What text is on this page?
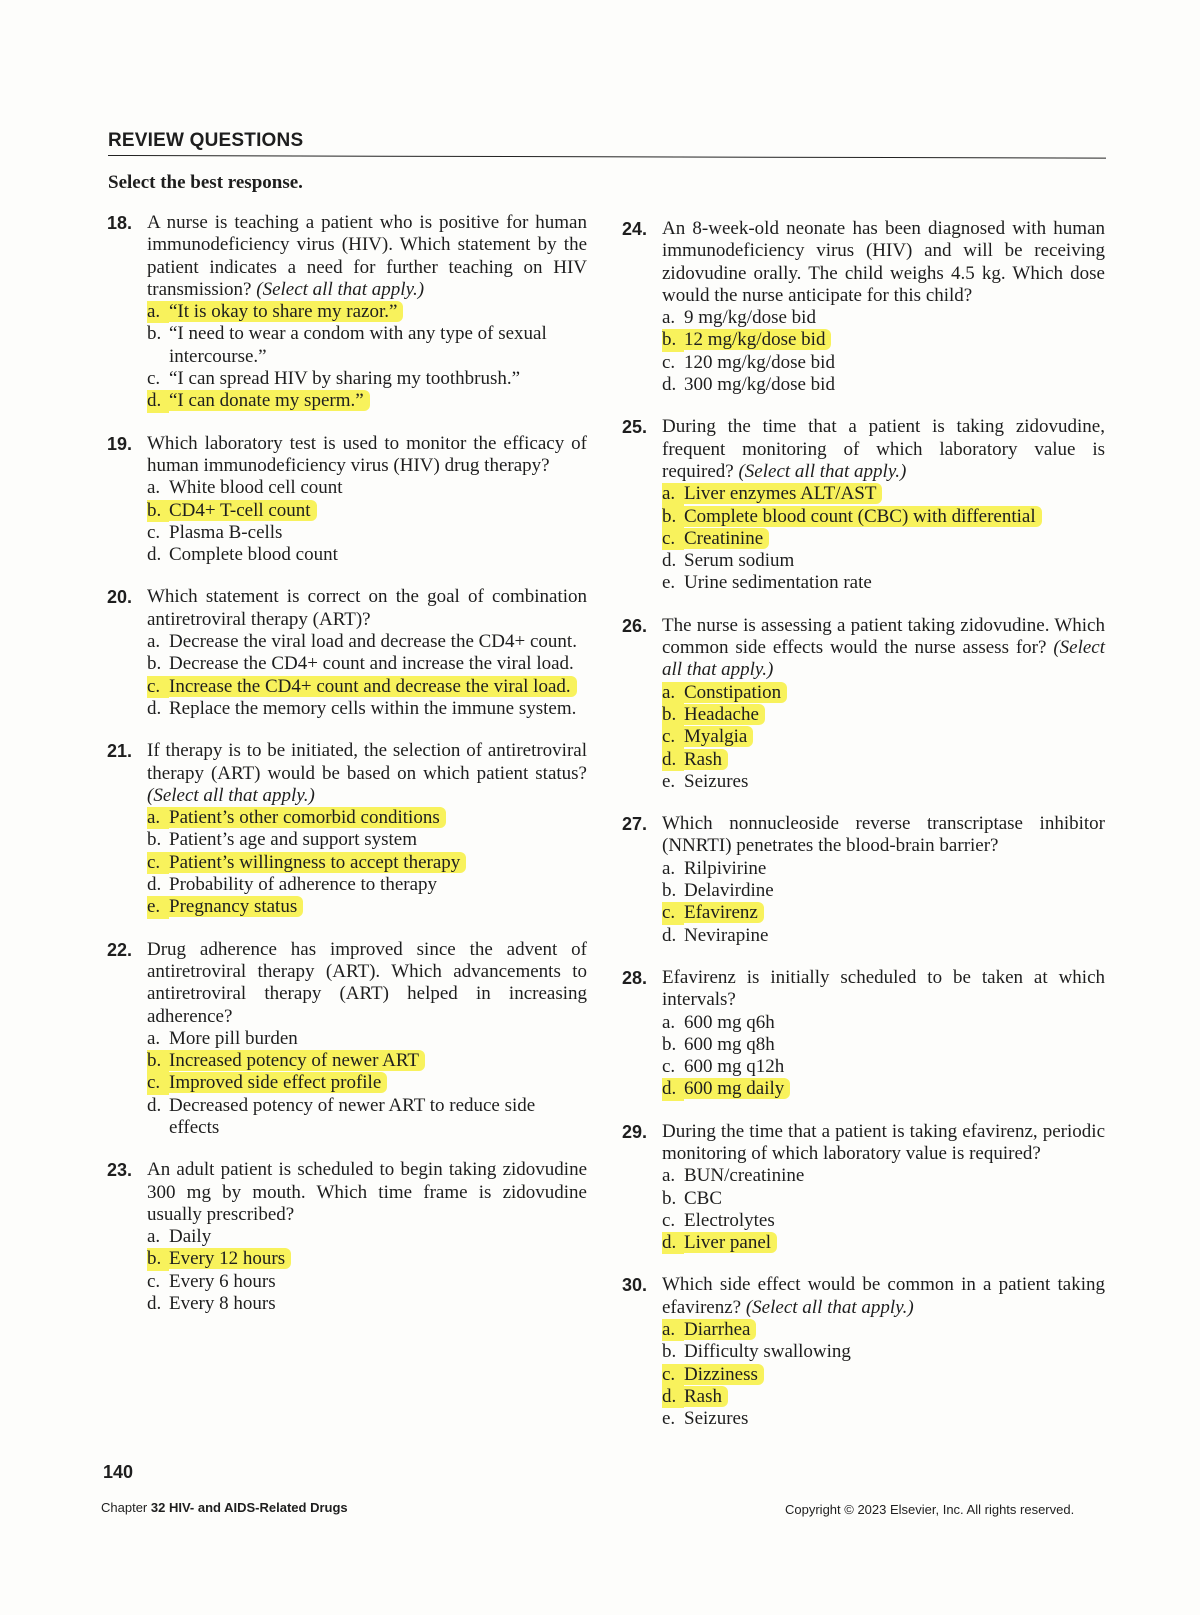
REVIEW QUESTIONS
Select the best response.
18. A nurse is teaching a patient who is positive for human immunodeficiency virus (HIV). Which statement by the patient indicates a need for further teaching on HIV transmission? (Select all that apply.)
a. “It is okay to share my razor.”
b. “I need to wear a condom with any type of sexual intercourse.”
c. “I can spread HIV by sharing my toothbrush.”
d. “I can donate my sperm.”
19. Which laboratory test is used to monitor the efficacy of human immunodeficiency virus (HIV) drug therapy?
a. White blood cell count
b. CD4+ T-cell count
c. Plasma B-cells
d. Complete blood count
20. Which statement is correct on the goal of combination antiretroviral therapy (ART)?
a. Decrease the viral load and decrease the CD4+ count.
b. Decrease the CD4+ count and increase the viral load.
c. Increase the CD4+ count and decrease the viral load.
d. Replace the memory cells within the immune system.
21. If therapy is to be initiated, the selection of antiretroviral therapy (ART) would be based on which patient status? (Select all that apply.)
a. Patient’s other comorbid conditions
b. Patient’s age and support system
c. Patient’s willingness to accept therapy
d. Probability of adherence to therapy
e. Pregnancy status
22. Drug adherence has improved since the advent of antiretroviral therapy (ART). Which advancements to antiretroviral therapy (ART) helped in increasing adherence?
a. More pill burden
b. Increased potency of newer ART
c. Improved side effect profile
d. Decreased potency of newer ART to reduce side effects
23. An adult patient is scheduled to begin taking zidovudine 300 mg by mouth. Which time frame is zidovudine usually prescribed?
a. Daily
b. Every 12 hours
c. Every 6 hours
d. Every 8 hours
24. An 8-week-old neonate has been diagnosed with human immunodeficiency virus (HIV) and will be receiving zidovudine orally. The child weighs 4.5 kg. Which dose would the nurse anticipate for this child?
a. 9 mg/kg/dose bid
b. 12 mg/kg/dose bid
c. 120 mg/kg/dose bid
d. 300 mg/kg/dose bid
25. During the time that a patient is taking zidovudine, frequent monitoring of which laboratory value is required? (Select all that apply.)
a. Liver enzymes ALT/AST
b. Complete blood count (CBC) with differential
c. Creatinine
d. Serum sodium
e. Urine sedimentation rate
26. The nurse is assessing a patient taking zidovudine. Which common side effects would the nurse assess for? (Select all that apply.)
a. Constipation
b. Headache
c. Myalgia
d. Rash
e. Seizures
27. Which nonnucleoside reverse transcriptase inhibitor (NNRTI) penetrates the blood-brain barrier?
a. Rilpivirine
b. Delavirdine
c. Efavirenz
d. Nevirapine
28. Efavirenz is initially scheduled to be taken at which intervals?
a. 600 mg q6h
b. 600 mg q8h
c. 600 mg q12h
d. 600 mg daily
29. During the time that a patient is taking efavirenz, periodic monitoring of which laboratory value is required?
a. BUN/creatinine
b. CBC
c. Electrolytes
d. Liver panel
30. Which side effect would be common in a patient taking efavirenz? (Select all that apply.)
a. Diarrhea
b. Difficulty swallowing
c. Dizziness
d. Rash
e. Seizures
140
Chapter 32 HIV- and AIDS-Related Drugs	Copyright © 2023 Elsevier, Inc. All rights reserved.
